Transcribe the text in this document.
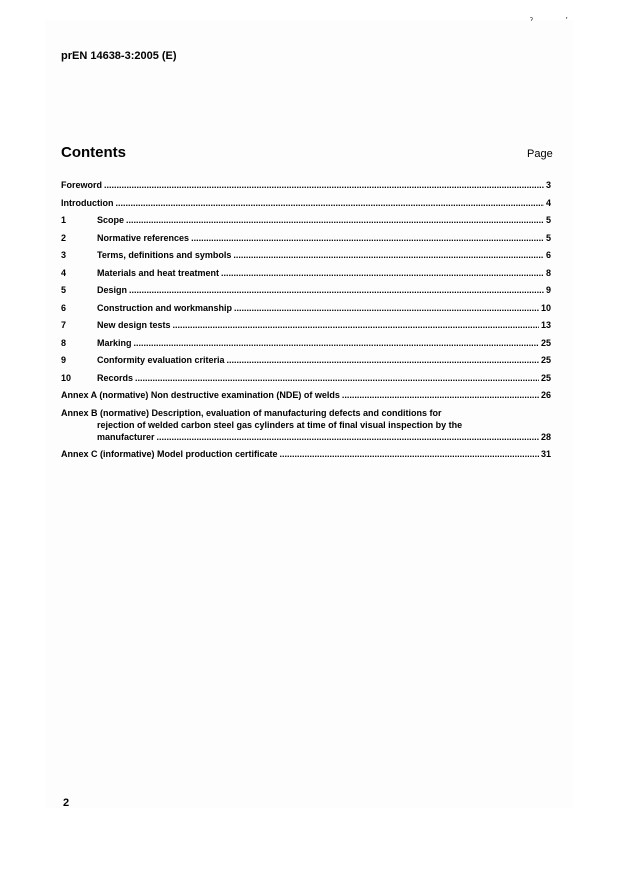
ˀ	'
prEN 14638-3:2005 (E)
Contents	Page
Foreword .....	3
Introduction .....	4
1	Scope .....	5
2	Normative references .....	5
3	Terms, definitions and symbols .....	6
4	Materials and heat treatment .....	8
5	Design .....	9
6	Construction and workmanship .....	10
7	New design tests .....	13
8	Marking .....	25
9	Conformity evaluation criteria .....	25
10	Records .....	25
Annex A (normative) Non destructive examination (NDE) of welds .....	26
Annex B (normative) Description, evaluation of manufacturing defects and conditions for
rejection of welded carbon steel gas cylinders at time of final visual inspection by the
manufacturer .....	28
Annex C (informative) Model production certificate .....	31
2
